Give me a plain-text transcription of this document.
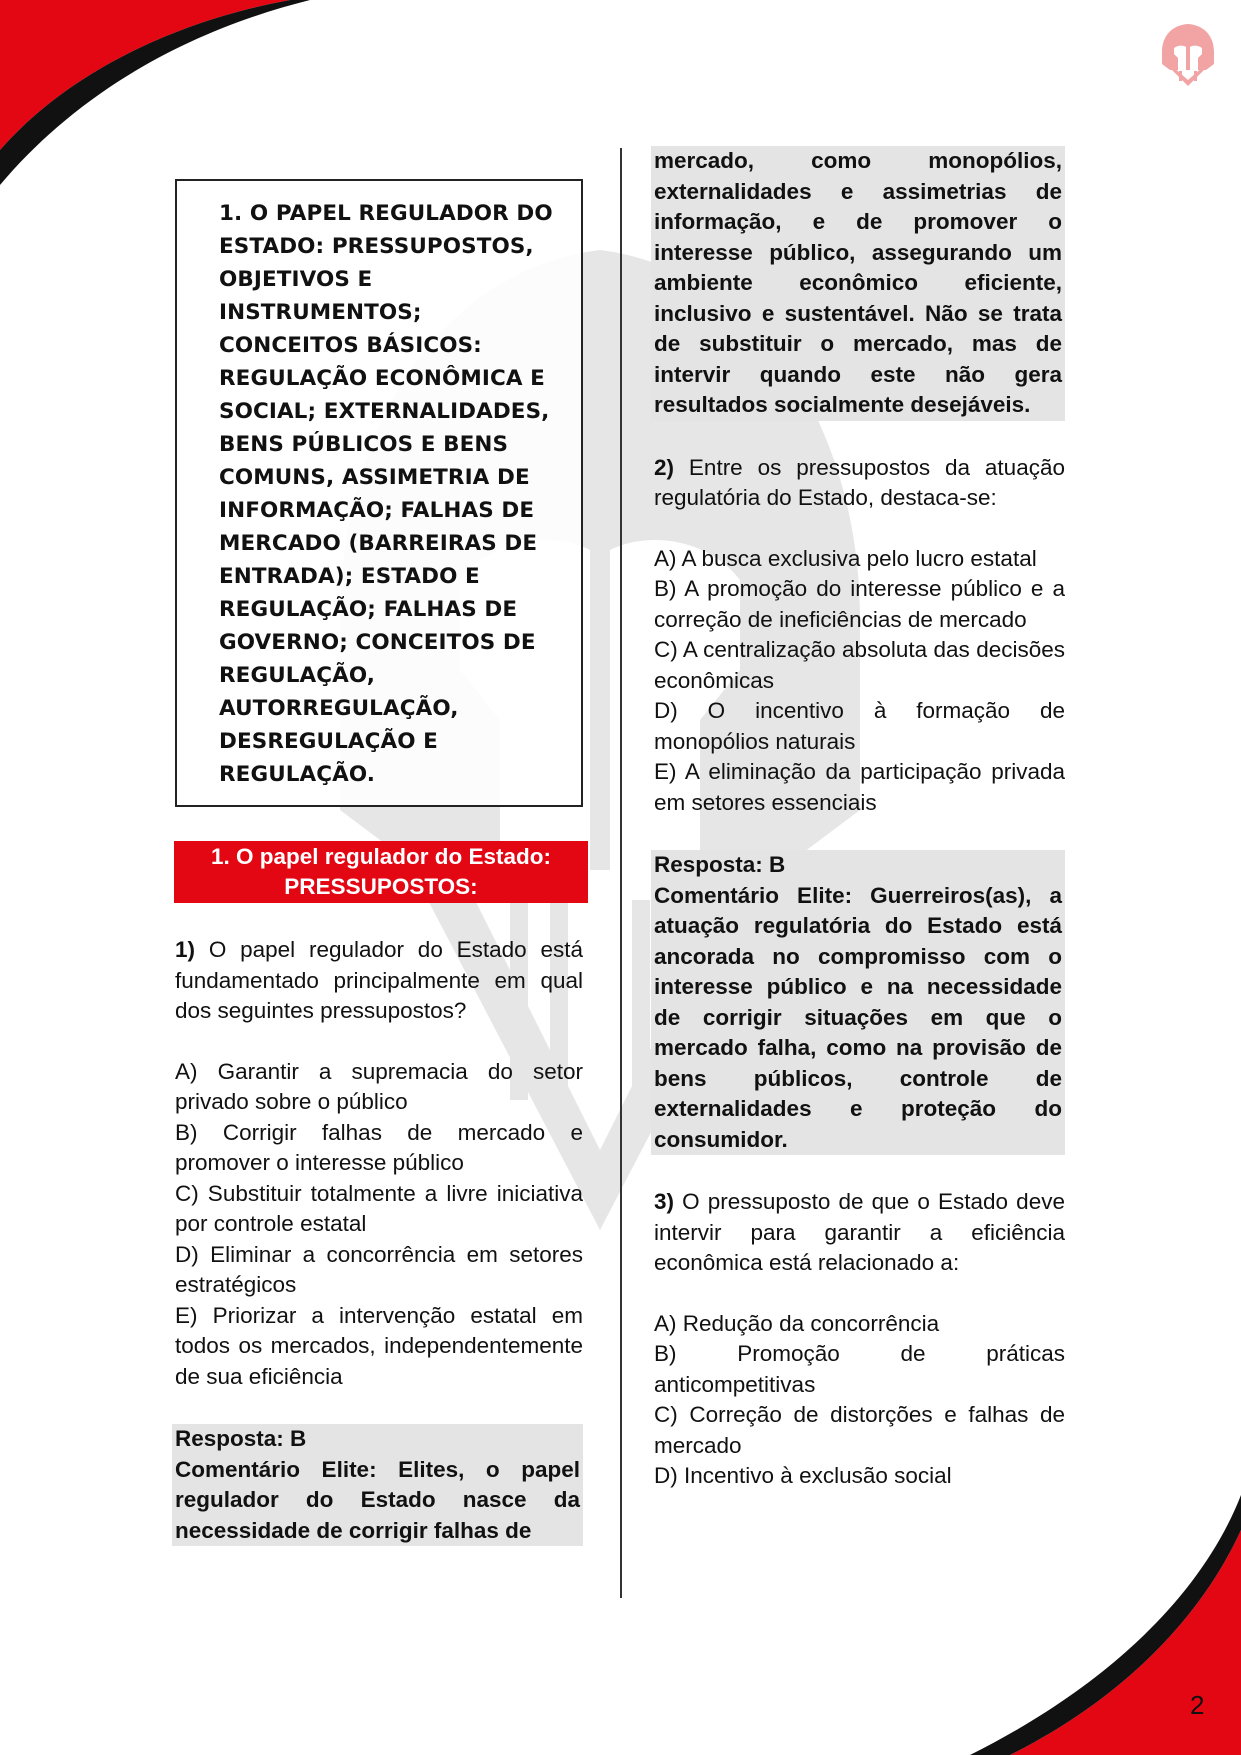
1. O PAPEL REGULADOR DO ESTADO: PRESSUPOSTOS, OBJETIVOS E INSTRUMENTOS; CONCEITOS BÁSICOS: REGULAÇÃO ECONÔMICA E SOCIAL; EXTERNALIDADES, BENS PÚBLICOS E BENS COMUNS, ASSIMETRIA DE INFORMAÇÃO; FALHAS DE MERCADO (BARREIRAS DE ENTRADA); ESTADO E REGULAÇÃO; FALHAS DE GOVERNO; CONCEITOS DE REGULAÇÃO, AUTORREGULAÇÃO, DESREGULAÇÃO E REGULAÇÃO.
1. O papel regulador do Estado:
PRESSUPOSTOS:

1) O papel regulador do Estado está fundamentado principalmente em qual dos seguintes pressupostos?

A) Garantir a supremacia do setor privado sobre o público

B) Corrigir falhas de mercado e promover o interesse público

C) Substituir totalmente a livre iniciativa por controle estatal

D) Eliminar a concorrência em setores estratégicos

E) Priorizar a intervenção estatal em todos os mercados, independentemente de sua eficiência

Resposta: B

Comentário Elite: Elites, o papel regulador do Estado nasce da necessidade de corrigir falhas de

mercado, como monopólios, externalidades e assimetrias de informação, e de promover o interesse público, assegurando um ambiente econômico eficiente, inclusivo e sustentável. Não se trata de substituir o mercado, mas de intervir quando este não gera resultados socialmente desejáveis.

2) Entre os pressupostos da atuação regulatória do Estado, destaca-se:

A) A busca exclusiva pelo lucro estatal

B) A promoção do interesse público e a correção de ineficiências de mercado

C) A centralização absoluta das decisões econômicas

D) O incentivo à formação de monopólios naturais

E) A eliminação da participação privada em setores essenciais

Resposta: B

Comentário Elite: Guerreiros(as), a atuação regulatória do Estado está ancorada no compromisso com o interesse público e na necessidade de corrigir situações em que o mercado falha, como na provisão de bens públicos, controle de externalidades e proteção do consumidor.

3) O pressuposto de que o Estado deve intervir para garantir a eficiência econômica está relacionado a:

A) Redução da concorrência

B) Promoção de práticas anticompetitivas

C) Correção de distorções e falhas de mercado

D) Incentivo à exclusão social

2
